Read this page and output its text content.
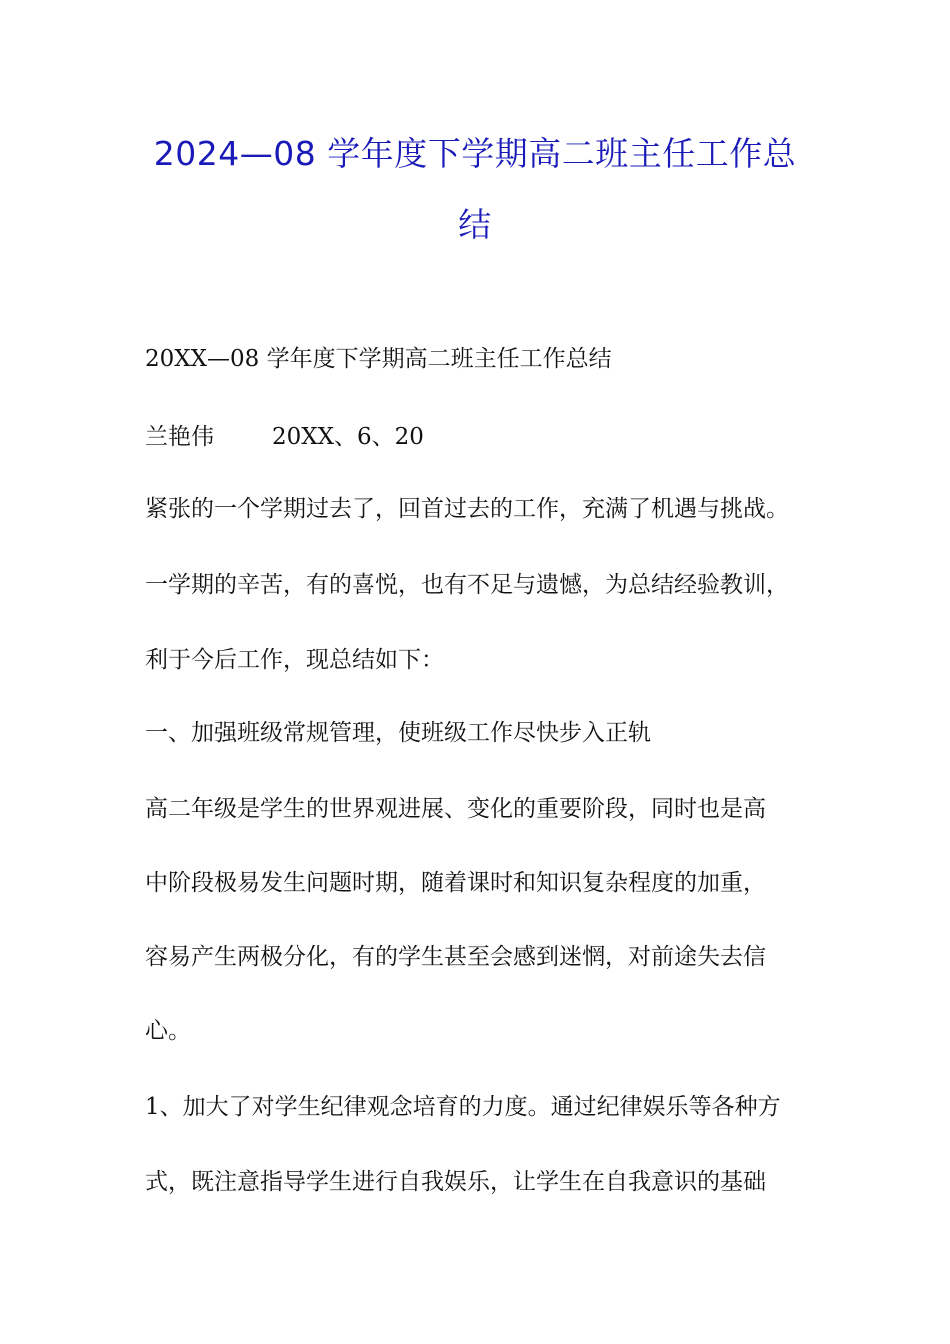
2024—08 学年度下学期高二班主任工作总
结
20XX—08 学年度下学期高二班主任工作总结
兰艳伟	20XX、6、20
紧张的一个学期过去了，回首过去的工作，充满了机遇与挑战。
一学期的辛苦，有的喜悦，也有不足与遗憾，为总结经验教训，
利于今后工作，现总结如下：
一、加强班级常规管理，使班级工作尽快步入正轨
高二年级是学生的世界观进展、变化的重要阶段，同时也是高
中阶段极易发生问题时期，随着课时和知识复杂程度的加重，
容易产生两极分化，有的学生甚至会感到迷惘，对前途失去信
心。
1、加大了对学生纪律观念培育的力度。通过纪律娱乐等各种方
式，既注意指导学生进行自我娱乐，让学生在自我意识的基础
